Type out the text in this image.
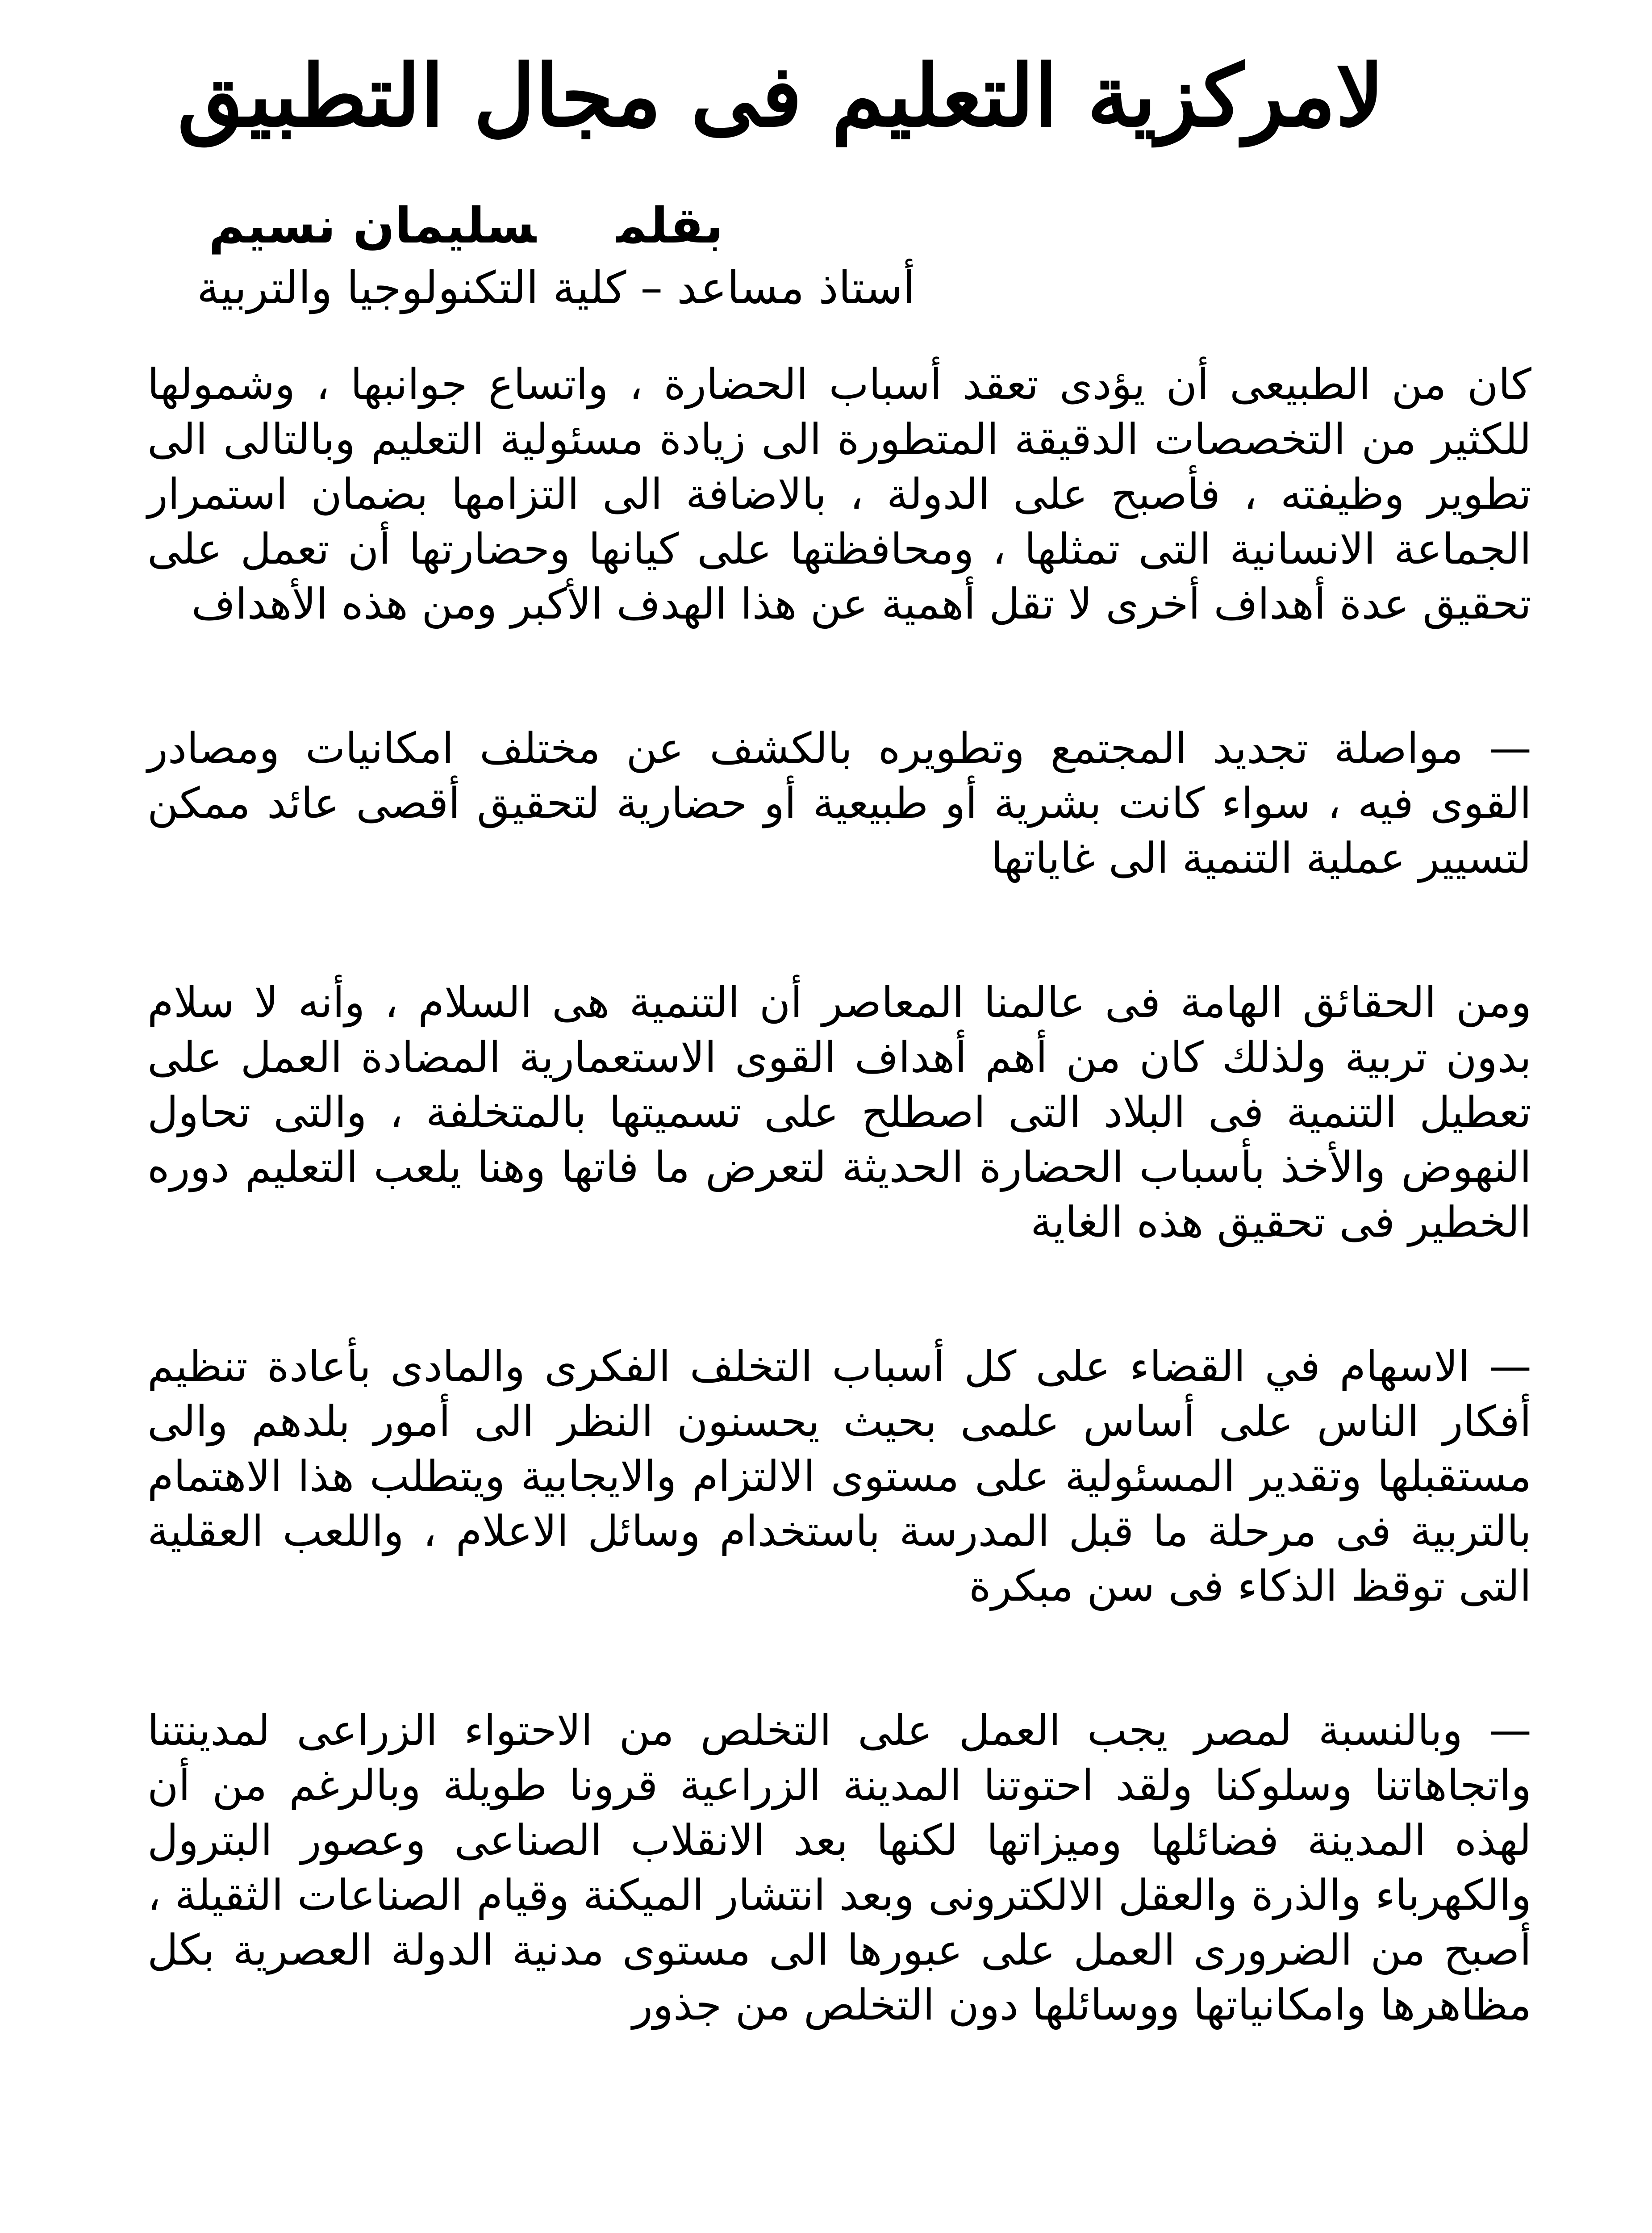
لامركزية التعليم فى مجال التطبيق
بقلمسليمان نسيم
أستاذ مساعد – كلية التكنولوجيا والتربية

كان من الطبيعى أن يؤدى تعقد أسباب الحضارة ، واتساع جوانبها ، وشمولها للكثير من التخصصات الدقيقة المتطورة الى زيادة مسئولية التعليم وبالتالى الى تطوير وظيفته ، فأصبح على الدولة ، بالاضافة الى التزامها بضمان استمرار الجماعة الانسانية التى تمثلها ، ومحافظتها على كيانها وحضارتها أن تعمل على تحقيق عدة أهداف أخرى لا تقل أهمية عن هذا الهدف الأكبر ومن هذه الأهداف

— مواصلة تجديد المجتمع وتطويره بالكشف عن مختلف امكانيات ومصادر القوى فيه ، سواء كانت بشرية أو طبيعية أو حضارية لتحقيق أقصى عائد ممكن لتسيير عملية التنمية الى غاياتها

ومن الحقائق الهامة فى عالمنا المعاصر أن التنمية هى السلام ، وأنه لا سلام بدون تربية ولذلك كان من أهم أهداف القوى الاستعمارية المضادة العمل على تعطيل التنمية فى البلاد التى اصطلح على تسميتها بالمتخلفة ، والتى تحاول النهوض والأخذ بأسباب الحضارة الحديثة لتعرض ما فاتها وهنا يلعب التعليم دوره الخطير فى تحقيق هذه الغاية

— الاسهام في القضاء على كل أسباب التخلف الفكرى والمادى بأعادة تنظيم أفكار الناس على أساس علمى بحيث يحسنون النظر الى أمور بلدهم والى مستقبلها وتقدير المسئولية على مستوى الالتزام والايجابية ويتطلب هذا الاهتمام بالتربية فى مرحلة ما قبل المدرسة باستخدام وسائل الاعلام ، واللعب العقلية التى توقظ الذكاء فى سن مبكرة

— وبالنسبة لمصر يجب العمل على التخلص من الاحتواء الزراعى لمدينتنا واتجاهاتنا وسلوكنا ولقد احتوتنا المدينة الزراعية قرونا طويلة وبالرغم من أن لهذه المدينة فضائلها وميزاتها لكنها بعد الانقلاب الصناعى وعصور البترول والكهرباء والذرة والعقل الالكترونى وبعد انتشار الميكنة وقيام الصناعات الثقيلة ، أصبح من الضرورى العمل على عبورها الى مستوى مدنية الدولة العصرية بكل مظاهرها وامكانياتها ووسائلها دون التخلص من جذور
